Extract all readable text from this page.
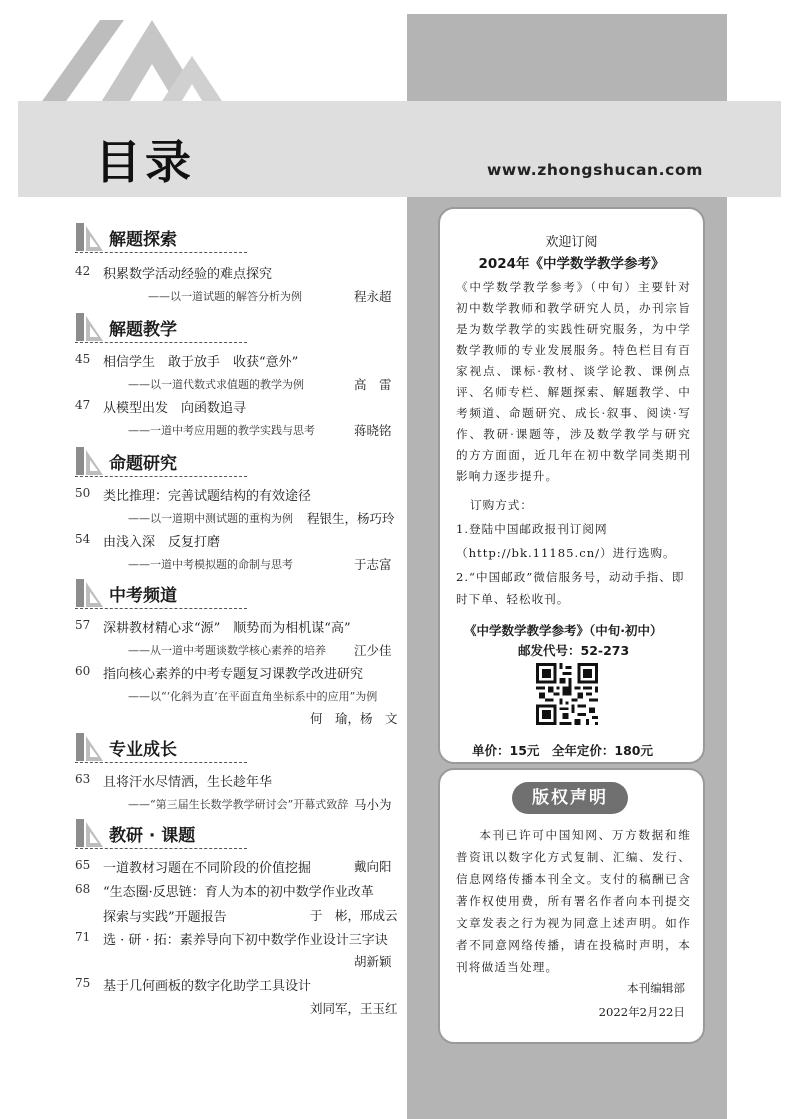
目录	www.zhongshucan.com
解题探索
42 积累数学活动经验的难点探究
——以一道试题的解答分析为例	程永超
解题教学
45 相信学生　敢于放手　收获“意外”
——以一道代数式求值题的教学为例	高　雷
47 从模型出发　向函数追寻
——一道中考应用题的教学实践与思考	蒋晓铭
命题研究
50 类比推理：完善试题结构的有效途径
——以一道期中测试题的重构为例 程银生，杨巧玲
54 由浅入深　反复打磨
——一道中考模拟题的命制与思考	于志富
中考频道
57 深耕教材精心求“源”　顺势而为相机谋“高”
——从一道中考题谈数学核心素养的培养 江少佳
60 指向核心素养的中考专题复习课教学改进研究
——以“‘化斜为直’在平面直角坐标系中的应用”为例
何　瑜，杨　文
专业成长
63 且将汗水尽情洒，生长趁年华
——“第三届生长数学教学研讨会”开幕式致辞 马小为
教研 · 课题
65 一道教材习题在不同阶段的价值挖掘	戴向阳
68 “生态圈·反思链：育人为本的初中数学作业改革
探索与实践”开题报告	于　彬，邢成云
71 选 · 研 · 拓：素养导向下初中数学作业设计三字诀
胡新颖
75 基于几何画板的数字化助学工具设计
刘同军，王玉红
欢迎订阅
2024年《中学数学教学参考》
《中学数学教学参考》（中旬）主要针对初中数学教师和教学研究人员，办刊宗旨是为数学教学的实践性研究服务，为中学数学教师的专业发展服务。特色栏目有百家视点、课标·教材、谈学论教、课例点评、名师专栏、解题探索、解题教学、中考频道、命题研究、成长·叙事、阅读·写作、教研·课题等，涉及数学教学与研究的方方面面，近几年在初中数学同类期刊影响力逐步提升。
订购方式：
1.登陆中国邮政报刊订阅网
（http://bk.11185.cn/）进行选购。
2.“中国邮政”微信服务号，动动手指、即
时下单、轻松收刊。
《中学数学教学参考》（中旬·初中）
邮发代号：52-273
单价：15元　全年定价：180元
版权声明
本刊已许可中国知网、万方数据和维普资讯以数字化方式复制、汇编、发行、信息网络传播本刊全文。支付的稿酬已含著作权使用费，所有署名作者向本刊提交文章发表之行为视为同意上述声明。如作者不同意网络传播，请在投稿时声明，本刊将做适当处理。
本刊编辑部
2022年2月22日
